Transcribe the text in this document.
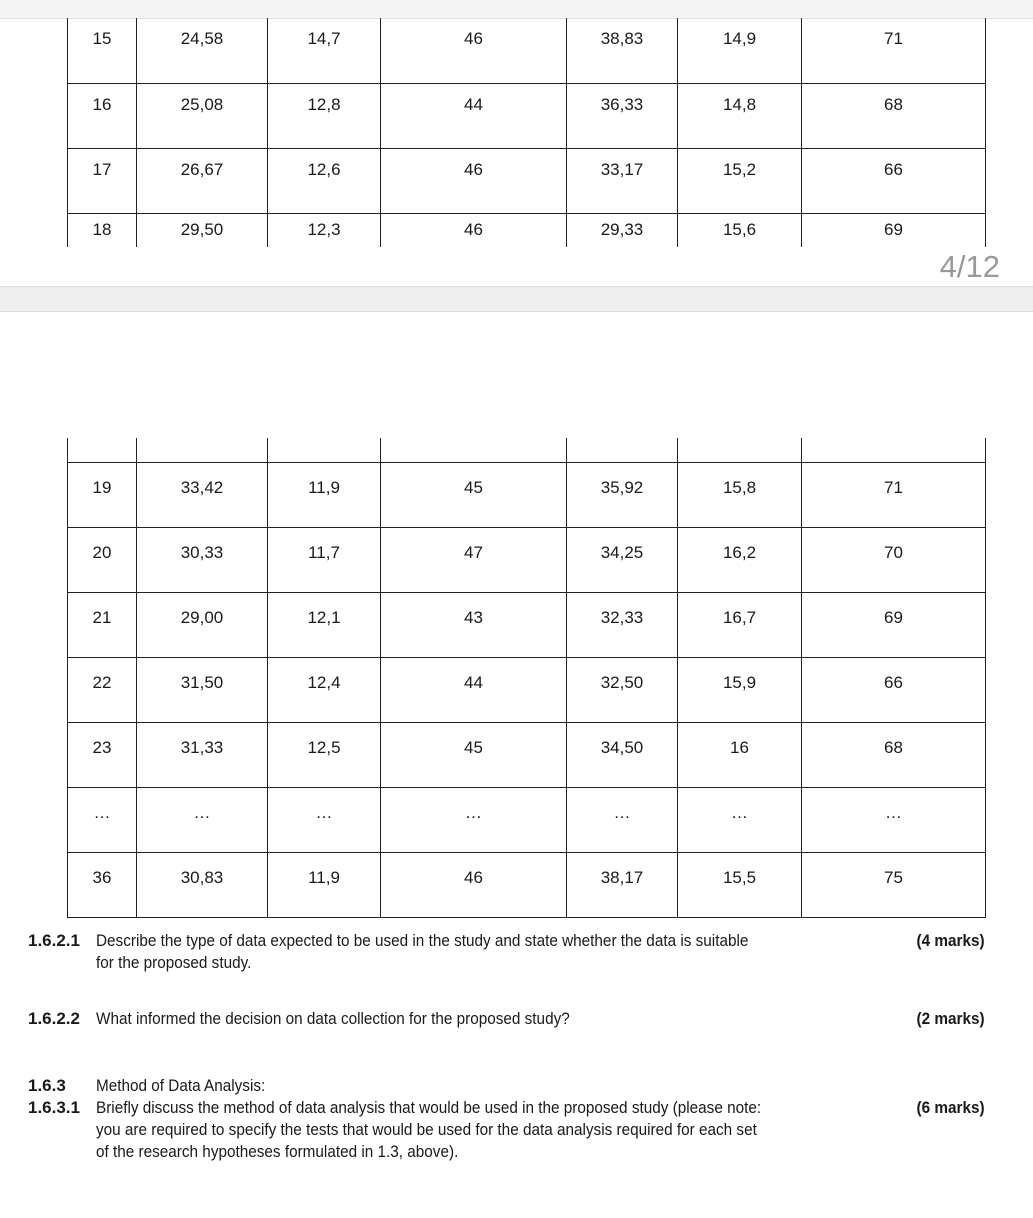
15	24,58	14,7	46	38,83	14,9	71

16	25,08	12,8	44	36,33	14,8	68

17	26,67	12,6	46	33,17	15,2	66

18	29,50	12,3	46	29,33	15,6	69
4/12

19	33,42	11,9	45	35,92	15,8	71

20	30,33	11,7	47	34,25	16,2	70

21	29,00	12,1	43	32,33	16,7	69

22	31,50	12,4	44	32,50	15,9	66

23	31,33	12,5	45	34,50	16	68

…	…	…	…	…	…	…

36	30,83	11,9	46	38,17	15,5	75
1.6.2.1 Describe the type of data expected to be used in the study and state whether the data is suitable
for the proposed study.
(4 marks)
1.6.2.2 What informed the decision on data collection for the proposed study?	(2 marks)
1.6.3 Method of Data Analysis:
1.6.3.1 Briefly discuss the method of data analysis that would be used in the proposed study (please note:
you are required to specify the tests that would be used for the data analysis required for each set
of the research hypotheses formulated in 1.3, above).
(6 marks)
